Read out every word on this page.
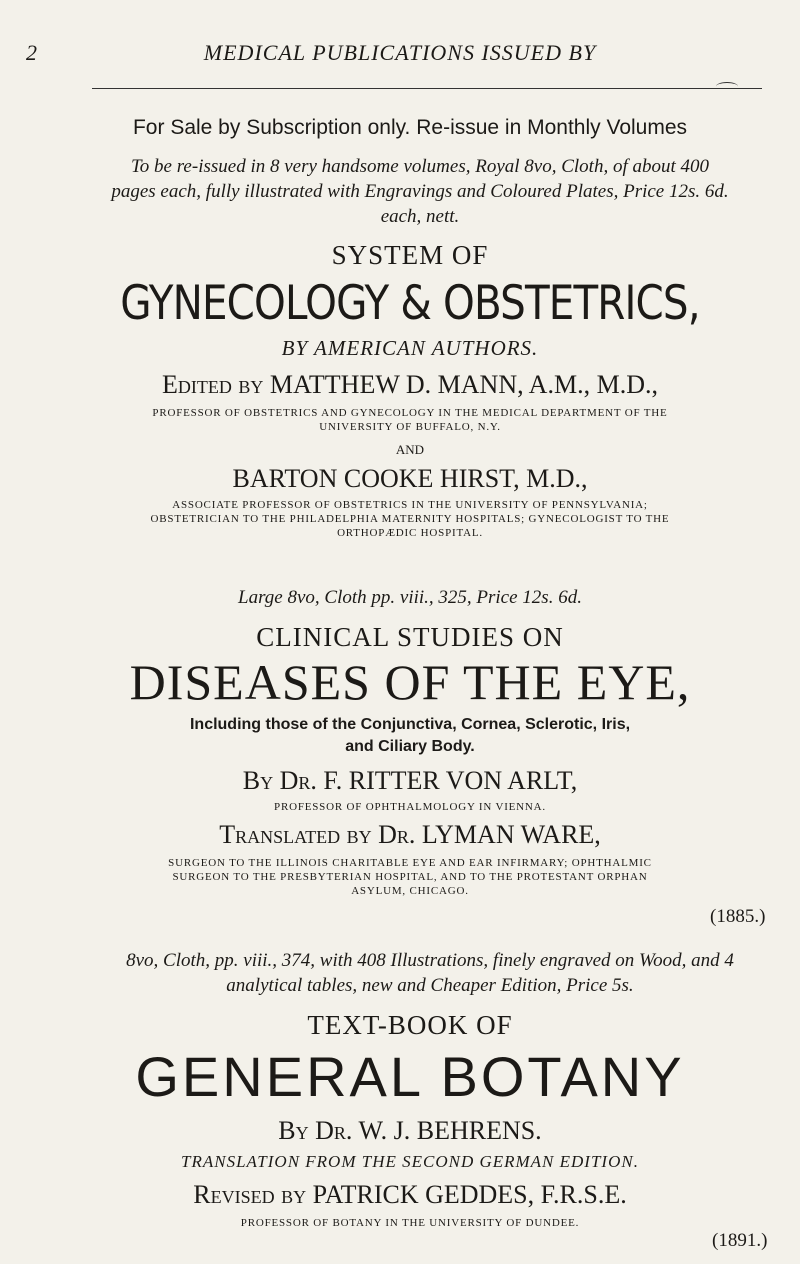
2	MEDICAL PUBLICATIONS ISSUED BY
For Sale by Subscription only. Re-issue in Monthly Volumes
To be re-issued in 8 very handsome volumes, Royal 8vo, Cloth, of about 400 pages each, fully illustrated with Engravings and Coloured Plates, Price 12s. 6d. each, nett.
SYSTEM OF
GYNECOLOGY & OBSTETRICS,
BY AMERICAN AUTHORS.
Edited by MATTHEW D. MANN, A.M., M.D.,
PROFESSOR OF OBSTETRICS AND GYNECOLOGY IN THE MEDICAL DEPARTMENT OF THE UNIVERSITY OF BUFFALO, N.Y.
AND
BARTON COOKE HIRST, M.D.,
ASSOCIATE PROFESSOR OF OBSTETRICS IN THE UNIVERSITY OF PENNSYLVANIA; OBSTETRICIAN TO THE PHILADELPHIA MATERNITY HOSPITALS; GYNECOLOGIST TO THE ORTHOPÆDIC HOSPITAL.
Large 8vo, Cloth pp. viii., 325, Price 12s. 6d.
CLINICAL STUDIES ON
DISEASES OF THE EYE,
Including those of the Conjunctiva, Cornea, Sclerotic, Iris, and Ciliary Body.
By Dr. F. RITTER VON ARLT,
PROFESSOR OF OPHTHALMOLOGY IN VIENNA.
Translated by Dr. LYMAN WARE,
SURGEON TO THE ILLINOIS CHARITABLE EYE AND EAR INFIRMARY; OPHTHALMIC SURGEON TO THE PRESBYTERIAN HOSPITAL, AND TO THE PROTESTANT ORPHAN ASYLUM, CHICAGO.
(1885.)
8vo, Cloth, pp. viii., 374, with 408 Illustrations, finely engraved on Wood, and 4 analytical tables, new and Cheaper Edition, Price 5s.
TEXT-BOOK OF
GENERAL BOTANY
By Dr. W. J. BEHRENS.
TRANSLATION FROM THE SECOND GERMAN EDITION.
Revised by PATRICK GEDDES, F.R.S.E.
PROFESSOR OF BOTANY IN THE UNIVERSITY OF DUNDEE.
(1891.)
